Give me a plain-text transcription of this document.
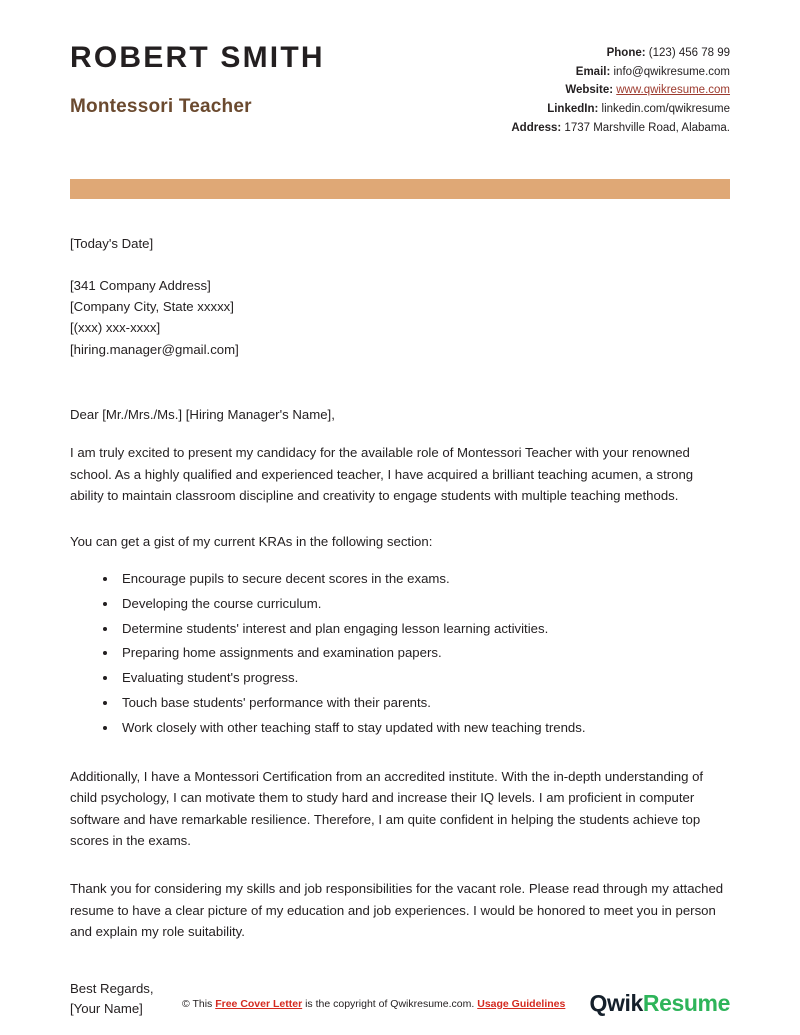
ROBERT SMITH
Montessori Teacher
Phone: (123) 456 78 99
Email: info@qwikresume.com
Website: www.qwikresume.com
LinkedIn: linkedin.com/qwikresume
Address: 1737 Marshville Road, Alabama.
[Today's Date]
[341 Company Address]
[Company City, State xxxxx]
[(xxx) xxx-xxxx]
[hiring.manager@gmail.com]
Dear [Mr./Mrs./Ms.] [Hiring Manager's Name],

I am truly excited to present my candidacy for the available role of Montessori Teacher with your renowned school. As a highly qualified and experienced teacher, I have acquired a brilliant teaching acumen, a strong ability to maintain classroom discipline and creativity to engage students with multiple teaching methods.

You can get a gist of my current KRAs in the following section:

Encourage pupils to secure decent scores in the exams.
Developing the course curriculum.
Determine students' interest and plan engaging lesson learning activities.
Preparing home assignments and examination papers.
Evaluating student's progress.
Touch base students' performance with their parents.
Work closely with other teaching staff to stay updated with new teaching trends.

Additionally, I have a Montessori Certification from an accredited institute. With the in-depth understanding of child psychology, I can motivate them to study hard and increase their IQ levels. I am proficient in computer software and have remarkable resilience. Therefore, I am quite confident in helping the students achieve top scores in the exams.

Thank you for considering my skills and job responsibilities for the vacant role. Please read through my attached resume to have a clear picture of my education and job experiences. I would be honored to meet you in person and explain my role suitability.

Best Regards,
[Your Name]	© This Free Cover Letter is the copyright of Qwikresume.com. Usage Guidelines QwikResume
